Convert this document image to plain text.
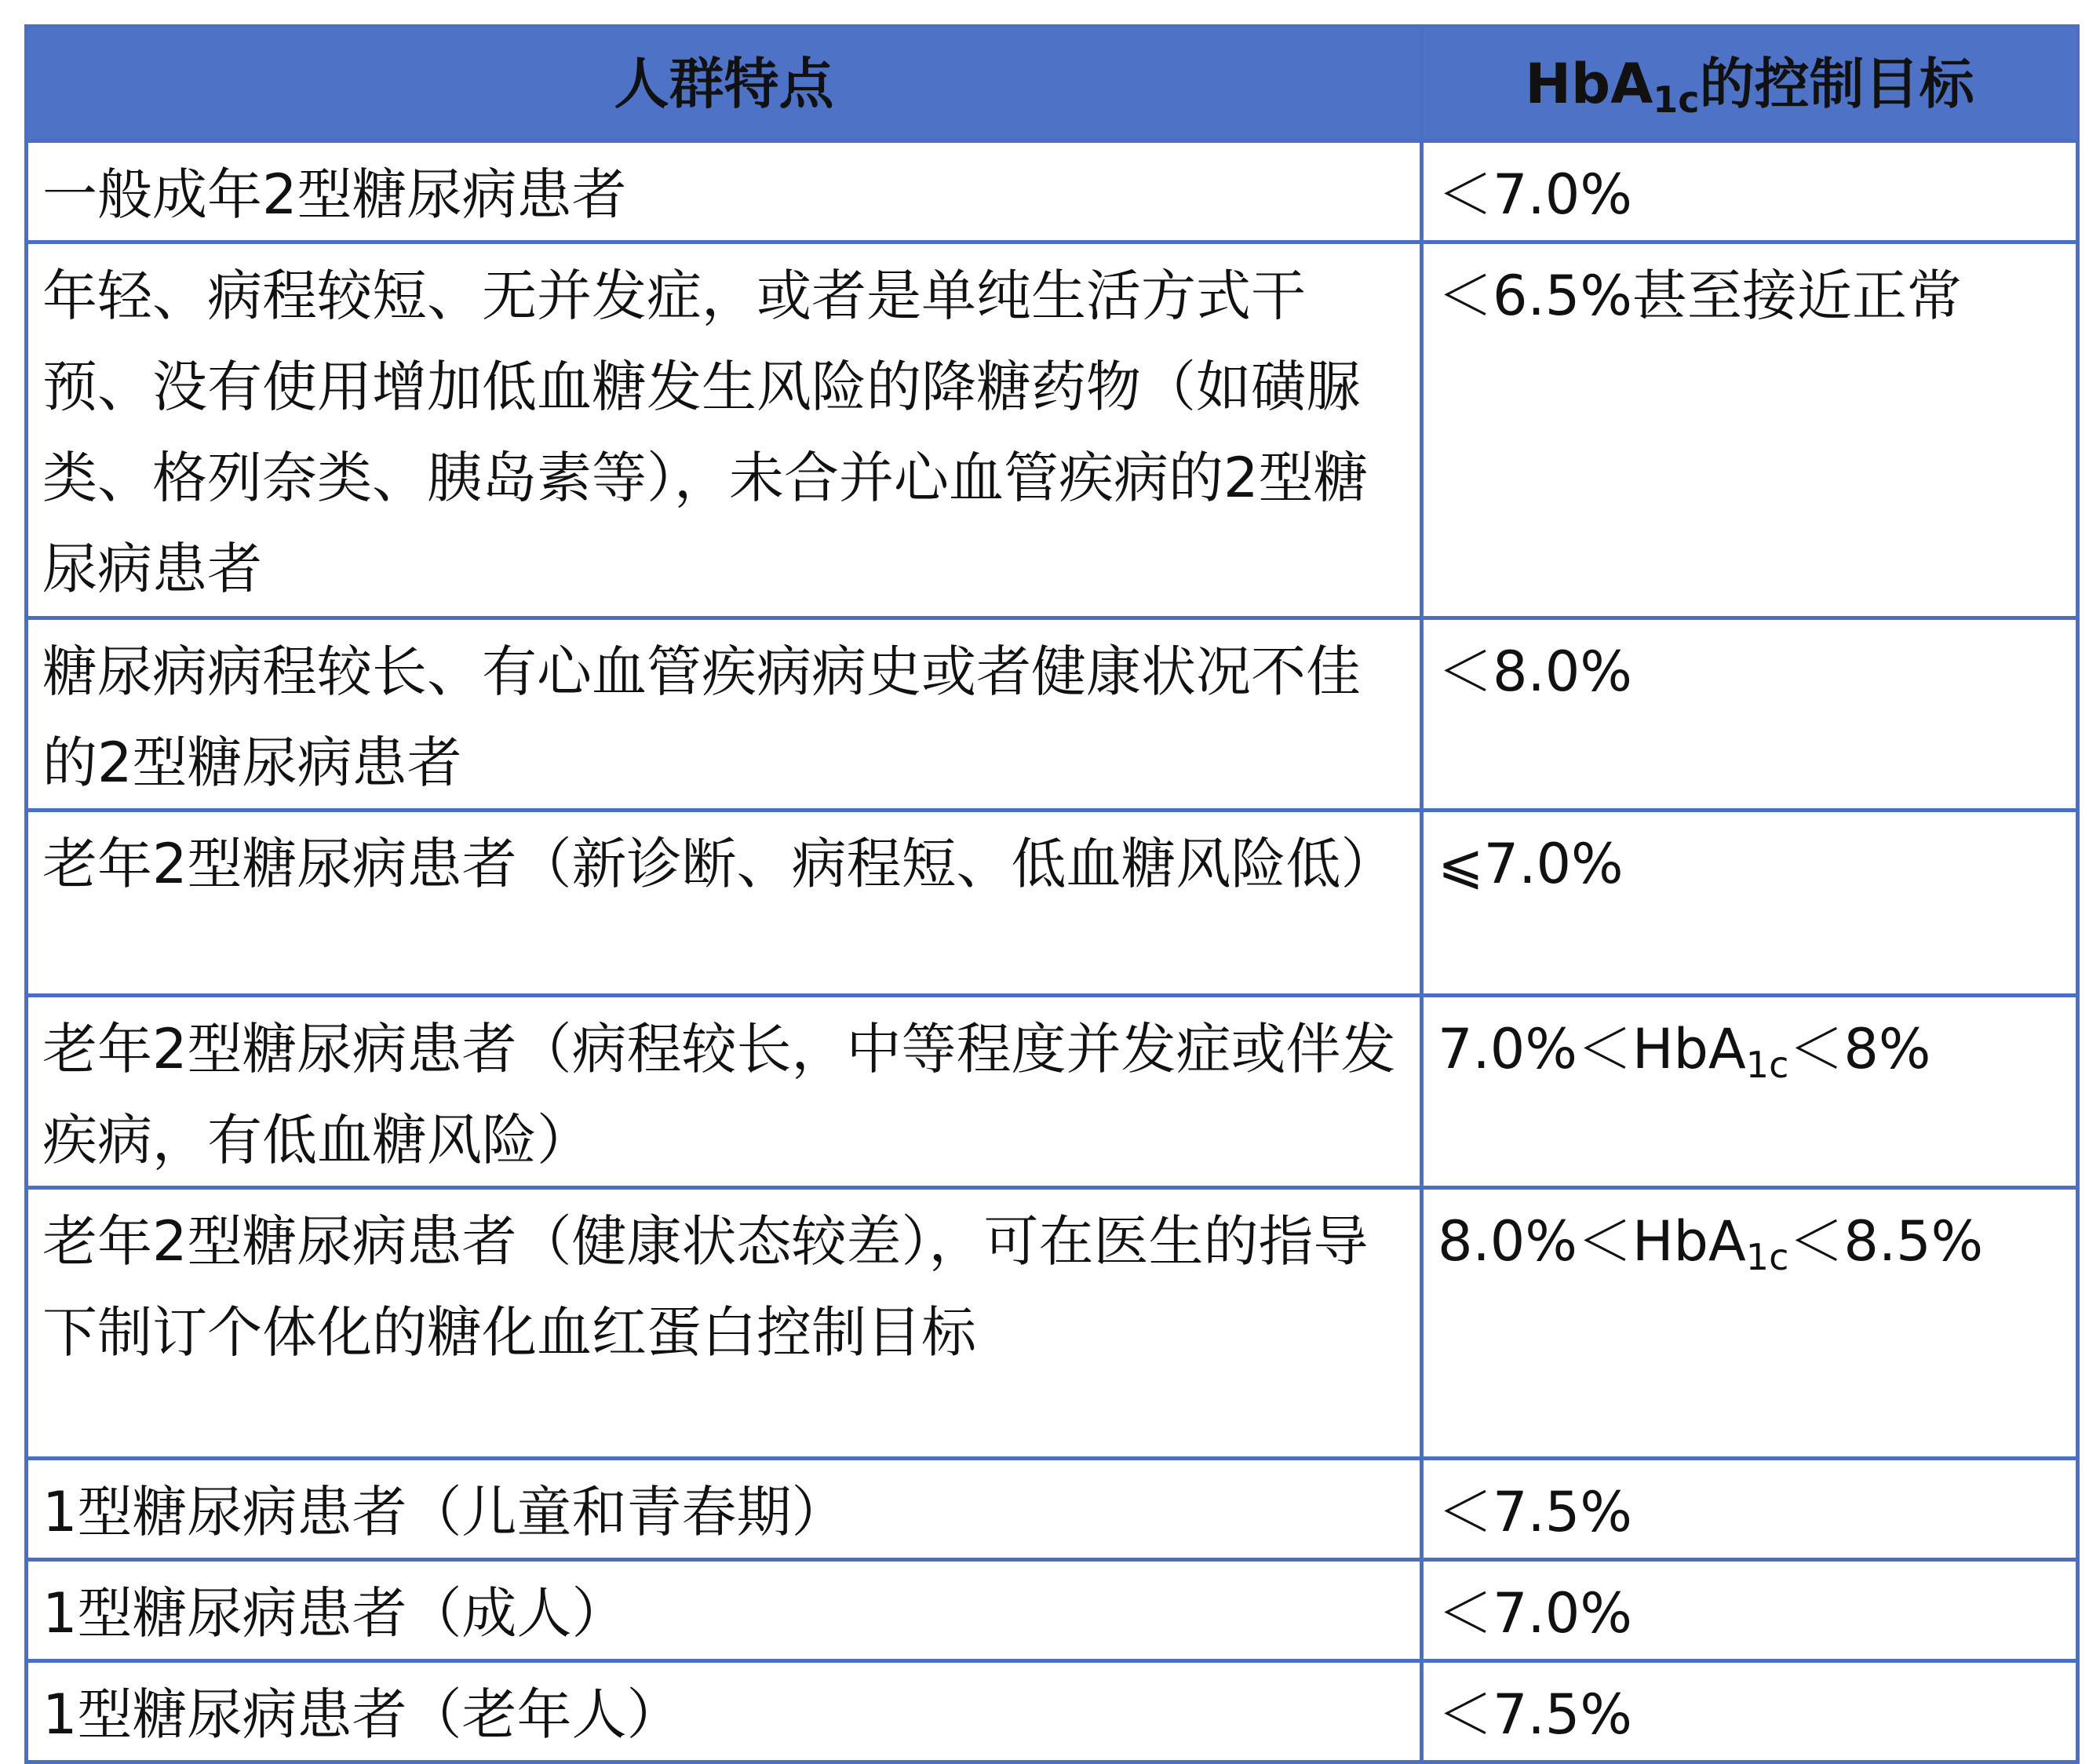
人群特点	HbA$_{1c}$的控制目标

一般成年2型糖尿病患者	＜7.0%

年轻、病程较短、无并发症，或者是单纯生活方式干预、没有使用增加低血糖发生风险的降糖药物（如磺脲类、格列奈类、胰岛素等），未合并心血管疾病的2型糖尿病患者	＜6.5%甚至接近正常

糖尿病病程较长、有心血管疾病病史或者健康状况不佳的2型糖尿病患者	＜8.0%

老年2型糖尿病患者（新诊断、病程短、低血糖风险低）	⩽7.0%

老年2型糖尿病患者（病程较长，中等程度并发症或伴发疾病，有低血糖风险）	7.0%＜HbA$_{1c}$＜8%

老年2型糖尿病患者（健康状态较差），可在医生的指导下制订个体化的糖化血红蛋白控制目标	8.0%＜HbA$_{1c}$＜8.5%

1型糖尿病患者（儿童和青春期）	＜7.5%

1型糖尿病患者（成人）	＜7.0%

1型糖尿病患者（老年人）	＜7.5%
